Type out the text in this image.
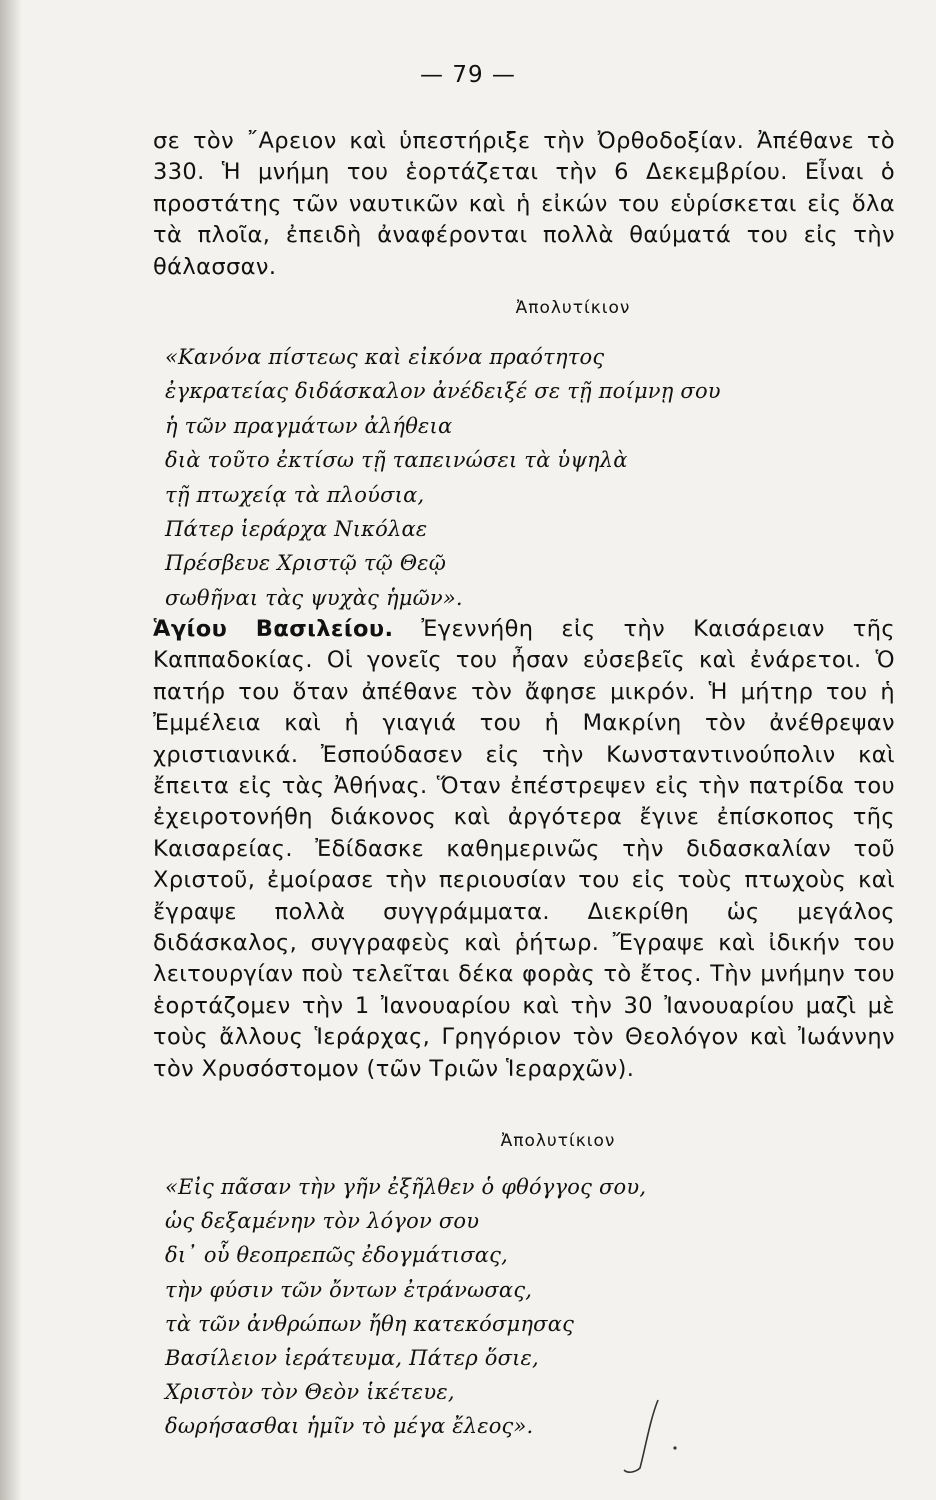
— 79 —

σε τὸν ῎Αρειον καὶ ὑπεστήριξε τὴν Ὀρθοδοξίαν. Ἀπέθανε τὸ 330. Ἡ μνήμη του ἑορτάζεται τὴν 6 Δεκεμβρίου. Εἶναι ὁ προστάτης τῶν ναυτικῶν καὶ ἡ εἰκών του εὑρίσκεται εἰς ὅλα τὰ πλοῖα, ἐπειδὴ ἀναφέρονται πολλὰ θαύματά του εἰς τὴν θάλασσαν.

Ἀπολυτίκιον
«Κανόνα πίστεως καὶ εἰκόνα πραότητος
ἐγκρατείας διδάσκαλον ἀνέδειξέ σε τῇ ποίμνῃ σου
ἡ τῶν πραγμάτων ἀλήθεια
διὰ τοῦτο ἐκτίσω τῇ ταπεινώσει τὰ ὑψηλὰ
τῇ πτωχείᾳ τὰ πλούσια,
Πάτερ ἱεράρχα Νικόλαε
Πρέσβευε Χριστῷ τῷ Θεῷ
σωθῆναι τὰς ψυχὰς ἡμῶν».

Ἁγίου Βασιλείου. Ἐγεννήθη εἰς τὴν Καισάρειαν τῆς Καππαδοκίας. Οἱ γονεῖς του ἦσαν εὐσεβεῖς καὶ ἐνάρετοι. Ὁ πατήρ του ὅταν ἀπέθανε τὸν ἄφησε μικρόν. Ἡ μήτηρ του ἡ Ἐμμέλεια καὶ ἡ γιαγιά του ἡ Μακρίνη τὸν ἀνέθρεψαν χριστιανικά. Ἐσπούδασεν εἰς τὴν Κωνσταντινούπολιν καὶ ἔπειτα εἰς τὰς Ἀθήνας. Ὅταν ἐπέστρεψεν εἰς τὴν πατρίδα του ἐχειροτονήθη διάκονος καὶ ἀργότερα ἔγινε ἐπίσκοπος τῆς Καισαρείας. Ἐδίδασκε καθημερινῶς τὴν διδασκαλίαν τοῦ Χριστοῦ, ἐμοίρασε τὴν περιουσίαν του εἰς τοὺς πτωχοὺς καὶ ἔγραψε πολλὰ συγγράμματα. Διεκρίθη ὡς μεγάλος διδάσκαλος, συγγραφεὺς καὶ ῥήτωρ. Ἔγραψε καὶ ἰδικήν του λειτουργίαν ποὺ τελεῖται δέκα φορὰς τὸ ἔτος. Τὴν μνήμην του ἑορτάζομεν τὴν 1 Ἰανουαρίου καὶ τὴν 30 Ἰανουαρίου μαζὶ μὲ τοὺς ἄλλους Ἱεράρχας, Γρηγόριον τὸν Θεολόγον καὶ Ἰωάννην τὸν Χρυσόστομον (τῶν Τριῶν Ἱεραρχῶν).

Ἀπολυτίκιον
«Εἰς πᾶσαν τὴν γῆν ἐξῆλθεν ὁ φθόγγος σου,
ὡς δεξαμένην τὸν λόγον σου
δι᾽ οὗ θεοπρεπῶς ἐδογμάτισας,
τὴν φύσιν τῶν ὄντων ἐτράνωσας,
τὰ τῶν ἀνθρώπων ἤθη κατεκόσμησας
Βασίλειον ἱεράτευμα, Πάτερ ὅσιε,
Χριστὸν τὸν Θεὸν ἱκέτευε,
δωρήσασθαι ἡμῖν τὸ μέγα ἔλεος».
